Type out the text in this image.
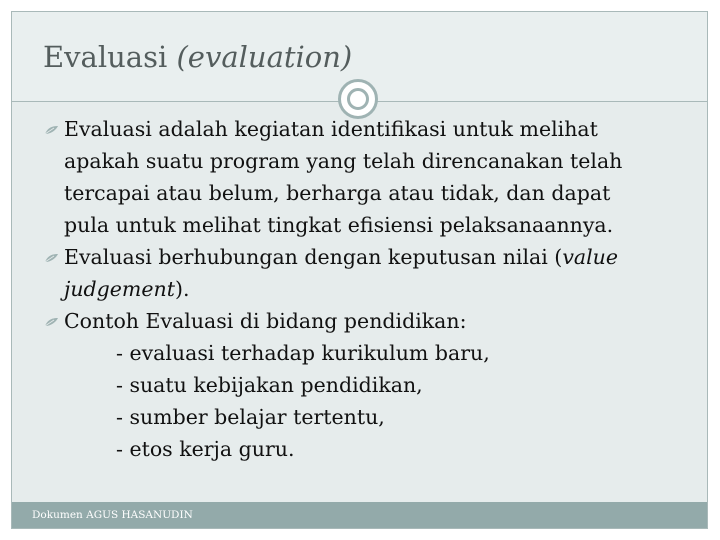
Evaluasi (evaluation)
Evaluasi adalah kegiatan identifikasi untuk melihat
apakah suatu program yang telah direncanakan telah
tercapai atau belum, berharga atau tidak, dan dapat
pula untuk melihat tingkat efisiensi pelaksanaannya.
Evaluasi berhubungan dengan keputusan nilai (value
judgement).
Contoh Evaluasi di bidang pendidikan:
- evaluasi terhadap kurikulum baru,
- suatu kebijakan pendidikan,
- sumber belajar tertentu,
- etos kerja guru.
Dokumen AGUS HASANUDIN
